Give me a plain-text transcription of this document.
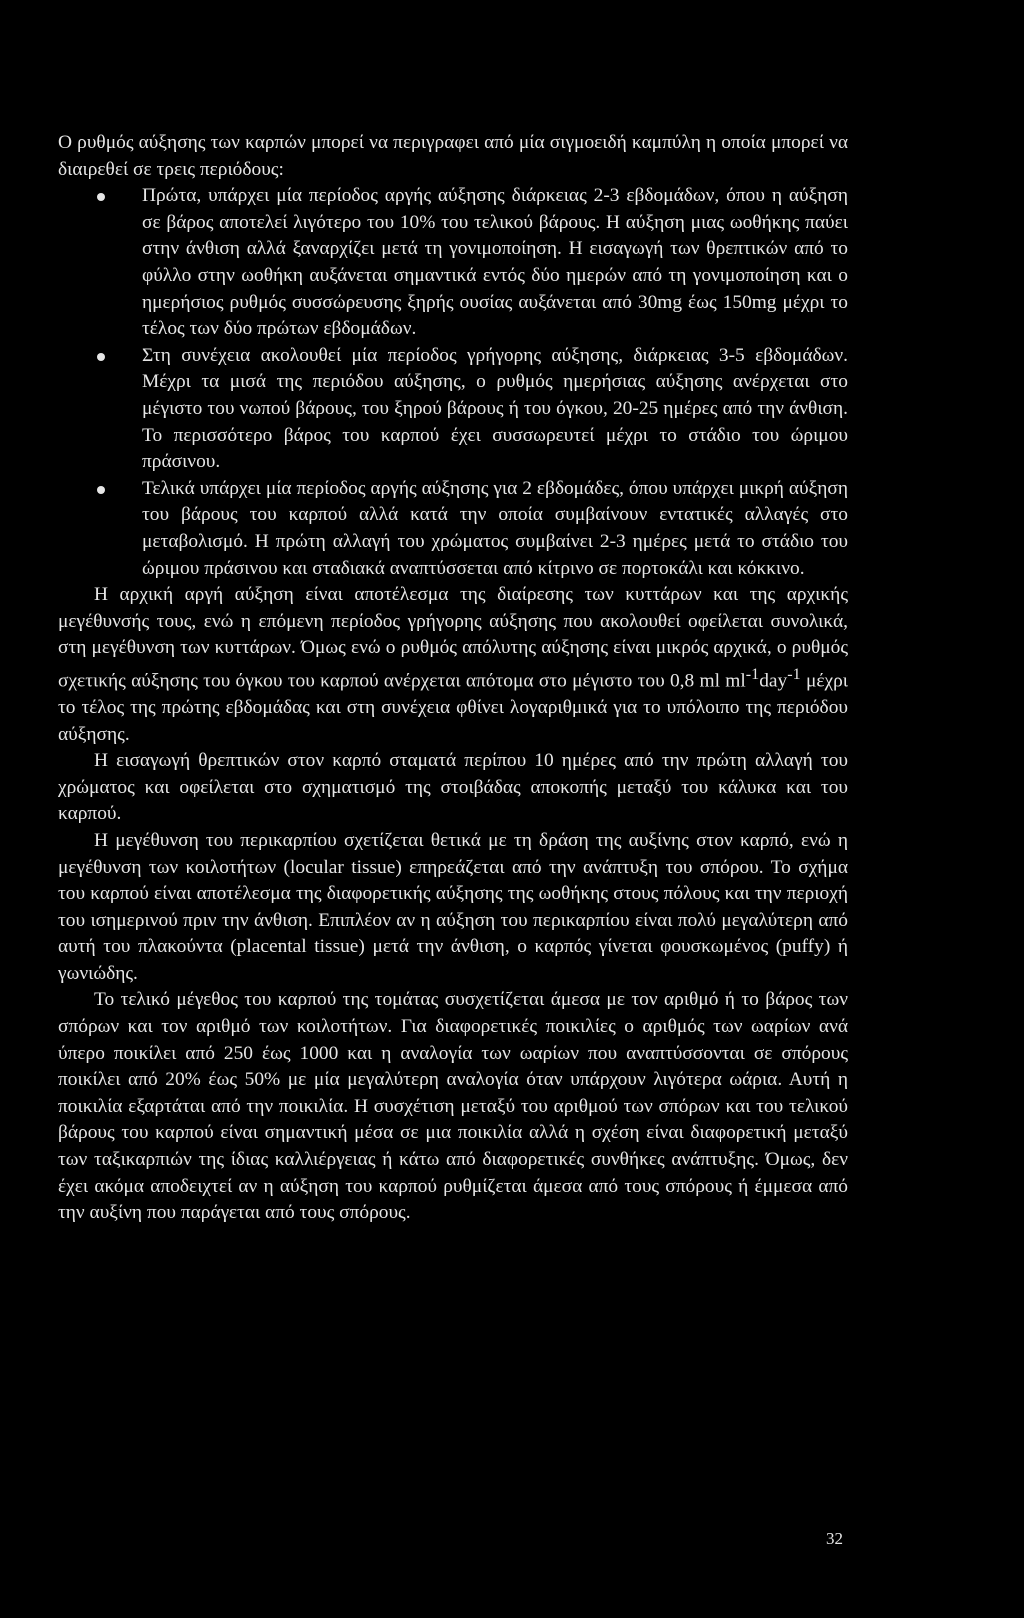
Ο ρυθμός αύξησης των καρπών μπορεί να περιγραφει από μία σιγμοειδή καμπύλη η οποία μπορεί να διαιρεθεί σε τρεις περιόδους:

Πρώτα, υπάρχει μία περίοδος αργής αύξησης διάρκειας 2-3 εβδομάδων, όπου η αύξηση σε βάρος αποτελεί λιγότερο του 10% του τελικού βάρους. Η αύξηση μιας ωοθήκης παύει στην άνθιση αλλά ξαναρχίζει μετά τη γονιμοποίηση. Η εισαγωγή των θρεπτικών από το φύλλο στην ωοθήκη αυξάνεται σημαντικά εντός δύο ημερών από τη γονιμοποίηση και ο ημερήσιος ρυθμός συσσώρευσης ξηρής ουσίας αυξάνεται από 30mg έως 150mg μέχρι το τέλος των δύο πρώτων εβδομάδων.
Στη συνέχεια ακολουθεί μία περίοδος γρήγορης αύξησης, διάρκειας 3-5 εβδομάδων. Μέχρι τα μισά της περιόδου αύξησης, ο ρυθμός ημερήσιας αύξησης ανέρχεται στο μέγιστο του νωπού βάρους, του ξηρού βάρους ή του όγκου, 20-25 ημέρες από την άνθιση. Το περισσότερο βάρος του καρπού έχει συσσωρευτεί μέχρι το στάδιο του ώριμου πράσινου.
Τελικά υπάρχει μία περίοδος αργής αύξησης για 2 εβδομάδες, όπου υπάρχει μικρή αύξηση του βάρους του καρπού αλλά κατά την οποία συμβαίνουν εντατικές αλλαγές στο μεταβολισμό. Η πρώτη αλλαγή του χρώματος συμβαίνει 2-3 ημέρες μετά το στάδιο του ώριμου πράσινου και σταδιακά αναπτύσσεται από κίτρινο σε πορτοκάλι και κόκκινο.

Η αρχική αργή αύξηση είναι αποτέλεσμα της διαίρεσης των κυττάρων και της αρχικής μεγέθυνσής τους, ενώ η επόμενη περίοδος γρήγορης αύξησης που ακολουθεί οφείλεται συνολικά, στη μεγέθυνση των κυττάρων. Όμως ενώ ο ρυθμός απόλυτης αύξησης είναι μικρός αρχικά, ο ρυθμός σχετικής αύξησης του όγκου του καρπού ανέρχεται απότομα στο μέγιστο του 0,8 ml $ml^{-1}day^{-1}$ μέχρι το τέλος της πρώτης εβδομάδας και στη συνέχεια φθίνει λογαριθμικά για το υπόλοιπο της περιόδου αύξησης.

Η εισαγωγή θρεπτικών στον καρπό σταματά περίπου 10 ημέρες από την πρώτη αλλαγή του χρώματος και οφείλεται στο σχηματισμό της στοιβάδας αποκοπής μεταξύ του κάλυκα και του καρπού.

Η μεγέθυνση του περικαρπίου σχετίζεται θετικά με τη δράση της αυξίνης στον καρπό, ενώ η μεγέθυνση των κοιλοτήτων (locular tissue) επηρεάζεται από την ανάπτυξη του σπόρου. Το σχήμα του καρπού είναι αποτέλεσμα της διαφορετικής αύξησης της ωοθήκης στους πόλους και την περιοχή του ισημερινού πριν την άνθιση. Επιπλέον αν η αύξηση του περικαρπίου είναι πολύ μεγαλύτερη από αυτή του πλακούντα (placental tissue) μετά την άνθιση, ο καρπός γίνεται φουσκωμένος (puffy) ή γωνιώδης.

Το τελικό μέγεθος του καρπού της τομάτας συσχετίζεται άμεσα με τον αριθμό ή το βάρος των σπόρων και τον αριθμό των κοιλοτήτων. Για διαφορετικές ποικιλίες ο αριθμός των ωαρίων ανά ύπερο ποικίλει από 250 έως 1000 και η αναλογία των ωαρίων που αναπτύσσονται σε σπόρους ποικίλει από 20% έως 50% με μία μεγαλύτερη αναλογία όταν υπάρχουν λιγότερα ωάρια. Αυτή η ποικιλία εξαρτάται από την ποικιλία. Η συσχέτιση μεταξύ του αριθμού των σπόρων και του τελικού βάρους του καρπού είναι σημαντική μέσα σε μια ποικιλία αλλά η σχέση είναι διαφορετική μεταξύ των ταξικαρπιών της ίδιας καλλιέργειας ή κάτω από διαφορετικές συνθήκες ανάπτυξης. Όμως, δεν έχει ακόμα αποδειχτεί αν η αύξηση του καρπού ρυθμίζεται άμεσα από τους σπόρους ή έμμεσα από την αυξίνη που παράγεται από τους σπόρους.

32
